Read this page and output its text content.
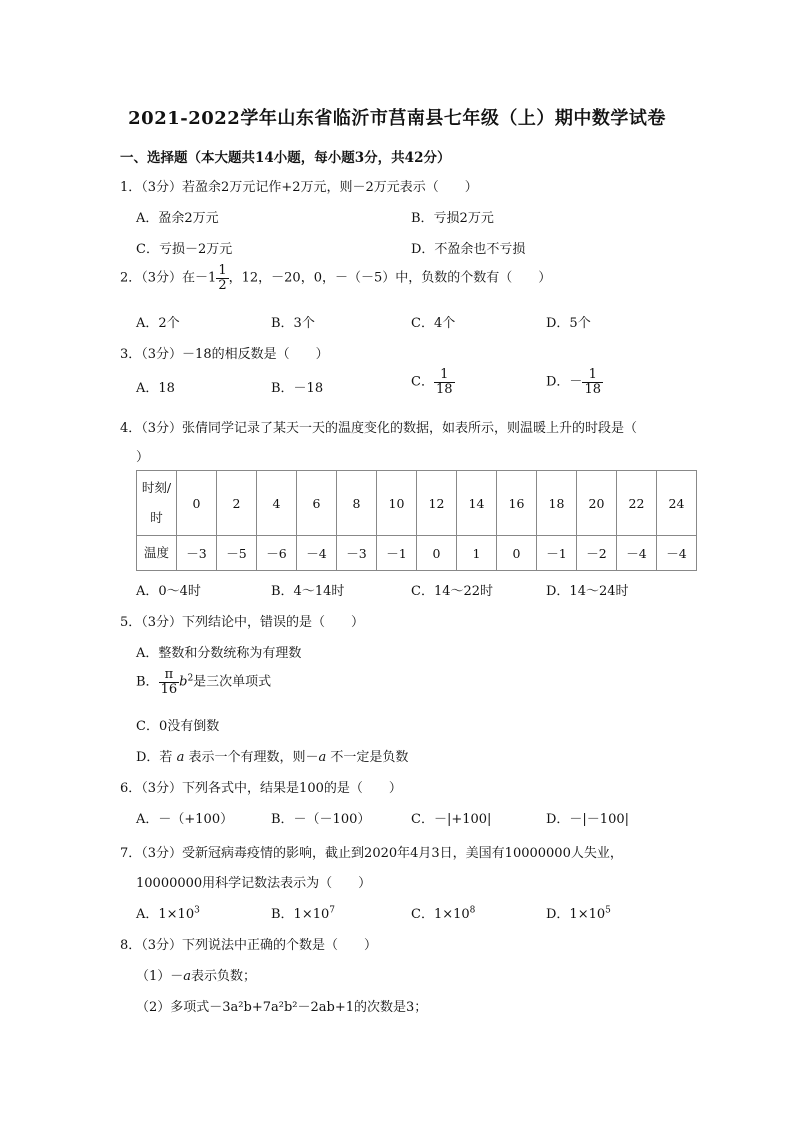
2021-2022学年山东省临沂市莒南县七年级（上）期中数学试卷
一、选择题（本大题共14小题，每小题3分，共42分）
1．（3分）若盈余2万元记作+2万元，则－2万元表示（　　）
A．盈余2万元	B．亏损2万元
C．亏损－2万元	D．不盈余也不亏损
2．（3分）在$-1 \frac{1}{2}$ ，12，－20，0，－（－5）中，负数的个数有（　　）
A．2个	B．3个	C．4个	D．5个
3．（3分）－18的相反数是（　　）
A．18	B．－18	C． $\frac{1}{18}$	D．－ $\frac{1}{18}$
4．（3分）张倩同学记录了某天一天的温度变化的数据，如表所示，则温暖上升的时段是（
）
时刻/
时	0	2	4	6	8	10	12	14	16	18	20	22	24
温度	－3	－5	－6	－4	－3	－1	0	1	0	－1	－2	－4	－4
A．0～4时	B．4～14时	C．14～22时	D．14～24时
5．（3分）下列结论中，错误的是（　　）
A．整数和分数统称为有理数
B． $\frac{\pi}{16} b^2$是三次单项式
C．0没有倒数
D．若 a 表示一个有理数，则－a 不一定是负数
6．（3分）下列各式中，结果是100的是（　　）
A．－（+100）	B．－（－100）	C．－|+100|	D．－|－100|
7．（3分）受新冠病毒疫情的影响，截止到2020年4月3日，美国有10000000人失业，
10000000用科学记数法表示为（　　）
A．$1\times 10^3$	B．$1\times 10^7$	C．$1\times 10^8$	D．$1\times 10^5$
8．（3分）下列说法中正确的个数是（　　）
（1）－a表示负数；
（2）多项式－3a²b+7a²b²－2ab+1的次数是3；
